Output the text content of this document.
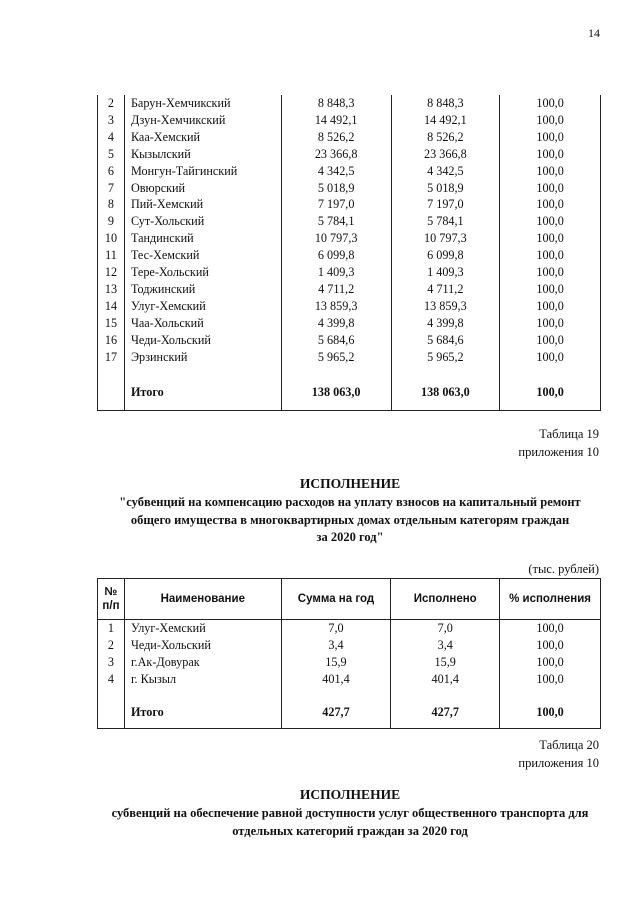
14
2	Барун-Хемчикский	8 848,3	8 848,3	100,0
3	Дзун-Хемчикский	14 492,1	14 492,1	100,0
4	Каа-Хемский	8 526,2	8 526,2	100,0
5	Кызылский	23 366,8	23 366,8	100,0
6	Монгун-Тайгинский	4 342,5	4 342,5	100,0
7	Овюрский	5 018,9	5 018,9	100,0
8	Пий-Хемский	7 197,0	7 197,0	100,0
9	Сут-Хольский	5 784,1	5 784,1	100,0
10	Тандинский	10 797,3	10 797,3	100,0
11	Тес-Хемский	6 099,8	6 099,8	100,0
12	Тере-Хольский	1 409,3	1 409,3	100,0
13	Тоджинский	4 711,2	4 711,2	100,0
14	Улуг-Хемский	13 859,3	13 859,3	100,0
15	Чаа-Хольский	4 399,8	4 399,8	100,0
16	Чеди-Хольский	5 684,6	5 684,6	100,0
17	Эрзинский	5 965,2	5 965,2	100,0

	Итого	138 063,0	138 063,0	100,0
Таблица 19
приложения 10
ИСПОЛНЕНИЕ
"субвенций на компенсацию расходов на уплату взносов на капитальный ремонт
общего имущества в многоквартирных домах отдельным категорям граждан
за 2020 год"
(тыс. рублей)
№ п/п	Наименование	Сумма на год	Исполнено	% исполнения
1	Улуг-Хемский	7,0	7,0	100,0
2	Чеди-Хольский	3,4	3,4	100,0
3	г.Ак-Довурак	15,9	15,9	100,0
4	г. Кызыл	401,4	401,4	100,0

	Итого	427,7	427,7	100,0
Таблица 20
приложения 10
ИСПОЛНЕНИЕ
субвенций на обеспечение равной доступности услуг общественного транспорта для
отдельных категорий граждан за 2020 год
